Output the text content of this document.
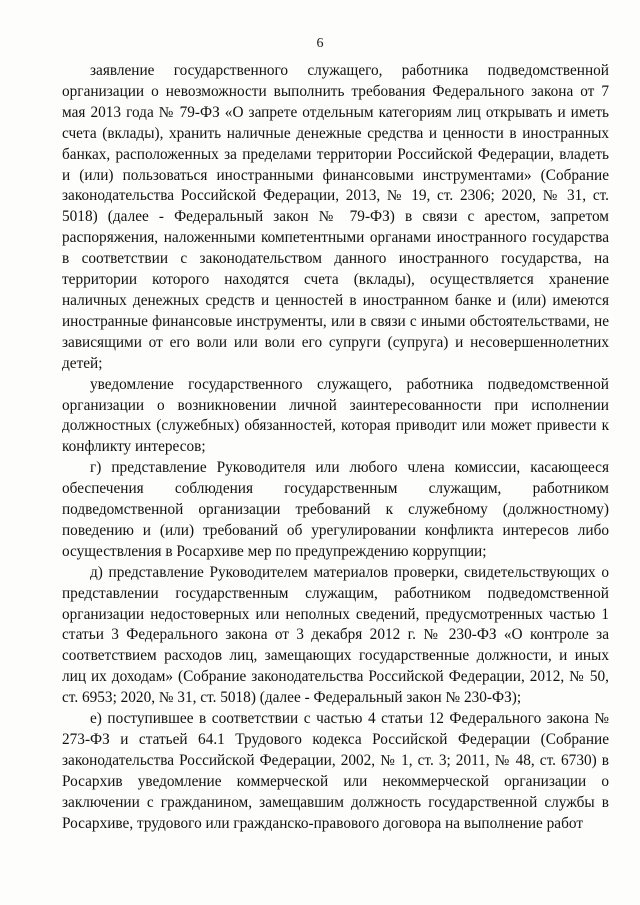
6

заявление государственного служащего, работника подведомственной организации о невозможности выполнить требования Федерального закона от 7 мая 2013 года № 79-ФЗ «О запрете отдельным категориям лиц открывать и иметь счета (вклады), хранить наличные денежные средства и ценности в иностранных банках, расположенных за пределами территории Российской Федерации, владеть и (или) пользоваться иностранными финансовыми инструментами» (Собрание законодательства Российской Федерации, 2013, № 19, ст. 2306; 2020, № 31, ст. 5018) (далее - Федеральный закон № 79-ФЗ) в связи с арестом, запретом распоряжения, наложенными компетентными органами иностранного государства в соответствии с законодательством данного иностранного государства, на территории которого находятся счета (вклады), осуществляется хранение наличных денежных средств и ценностей в иностранном банке и (или) имеются иностранные финансовые инструменты, или в связи с иными обстоятельствами, не зависящими от его воли или воли его супруги (супруга) и несовершеннолетних детей;

уведомление государственного служащего, работника подведомственной организации о возникновении личной заинтересованности при исполнении должностных (служебных) обязанностей, которая приводит или может привести к конфликту интересов;

г) представление Руководителя или любого члена комиссии, касающееся обеспечения соблюдения государственным служащим, работником подведомственной организации требований к служебному (должностному) поведению и (или) требований об урегулировании конфликта интересов либо осуществления в Росархиве мер по предупреждению коррупции;

д) представление Руководителем материалов проверки, свидетельствующих о представлении государственным служащим, работником подведомственной организации недостоверных или неполных сведений, предусмотренных частью 1 статьи 3 Федерального закона от 3 декабря 2012 г. № 230-ФЗ «О контроле за соответствием расходов лиц, замещающих государственные должности, и иных лиц их доходам» (Собрание законодательства Российской Федерации, 2012, № 50, ст. 6953; 2020, № 31, ст. 5018) (далее - Федеральный закон № 230-ФЗ);

е) поступившее в соответствии с частью 4 статьи 12 Федерального закона № 273-ФЗ и статьей 64.1 Трудового кодекса Российской Федерации (Собрание законодательства Российской Федерации, 2002, № 1, ст. 3; 2011, № 48, ст. 6730) в Росархив уведомление коммерческой или некоммерческой организации о заключении с гражданином, замещавшим должность государственной службы в Росархиве, трудового или гражданско-правового договора на выполнение работ
